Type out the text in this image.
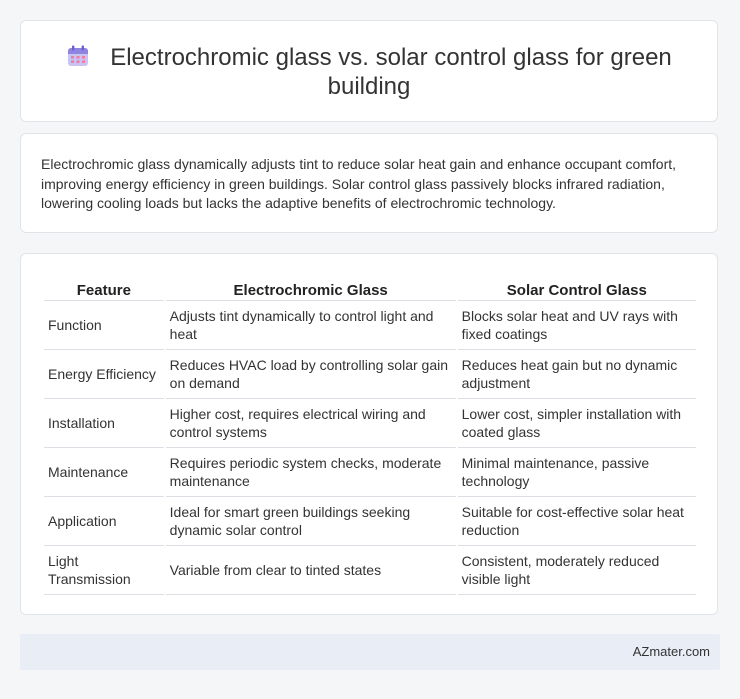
Electrochromic glass vs. solar control glass for green building
Electrochromic glass dynamically adjusts tint to reduce solar heat gain and enhance occupant comfort, improving energy efficiency in green buildings. Solar control glass passively blocks infrared radiation, lowering cooling loads but lacks the adaptive benefits of electrochromic technology.
Feature	Electrochromic Glass	Solar Control Glass
Function	Adjusts tint dynamically to control light and heat	Blocks solar heat and UV rays with fixed coatings
Energy Efficiency	Reduces HVAC load by controlling solar gain on demand	Reduces heat gain but no dynamic adjustment
Installation	Higher cost, requires electrical wiring and control systems	Lower cost, simpler installation with coated glass
Maintenance	Requires periodic system checks, moderate maintenance	Minimal maintenance, passive technology
Application	Ideal for smart green buildings seeking dynamic solar control	Suitable for cost-effective solar heat reduction
Light Transmission	Variable from clear to tinted states	Consistent, moderately reduced visible light
AZmater.com
